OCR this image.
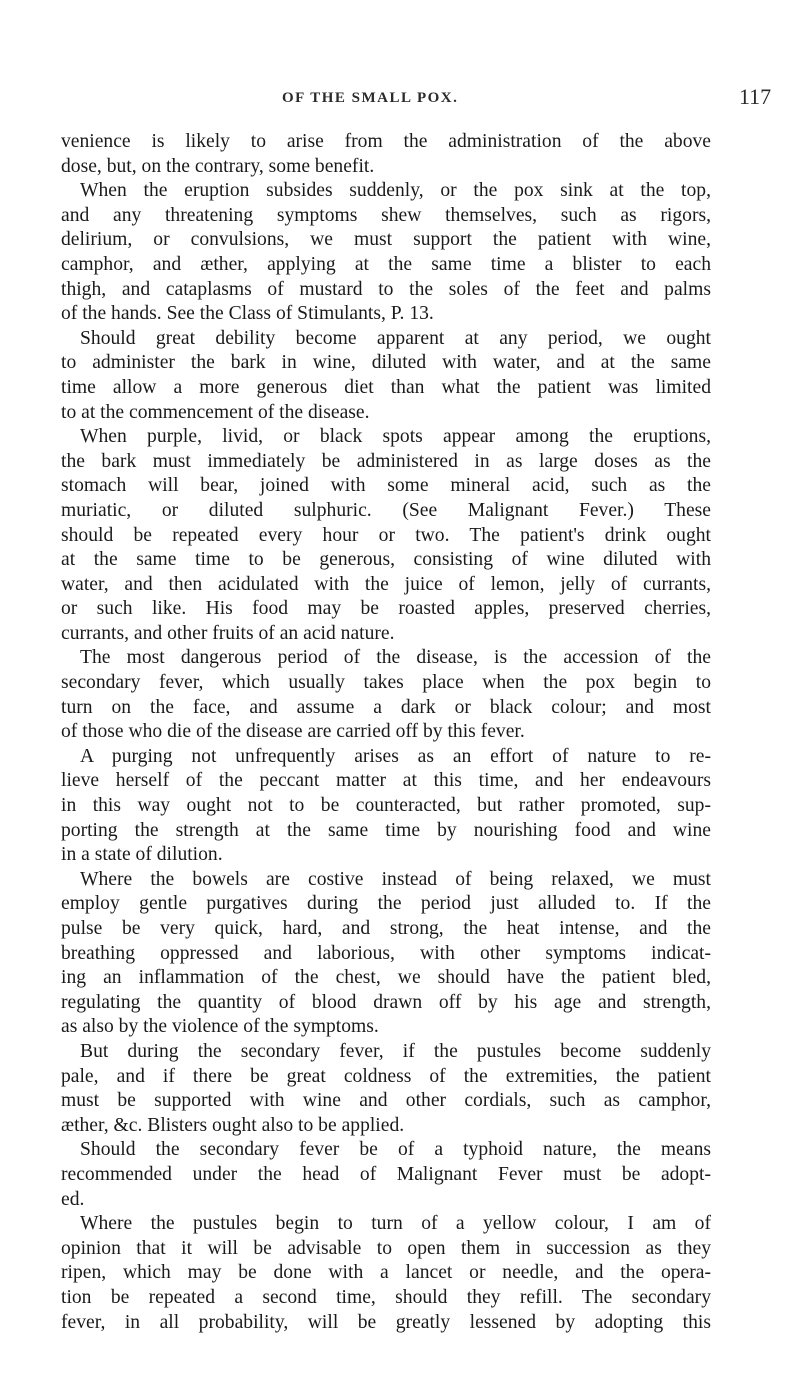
OF THE SMALL POX.	117
venience is likely to arise from the administration of the above
dose, but, on the contrary, some benefit.
When the eruption subsides suddenly, or the pox sink at the top,
and any threatening symptoms shew themselves, such as rigors,
delirium, or convulsions, we must support the patient with wine,
camphor, and æther, applying at the same time a blister to each
thigh, and cataplasms of mustard to the soles of the feet and palms
of the hands. See the Class of Stimulants, P. 13.
Should great debility become apparent at any period, we ought
to administer the bark in wine, diluted with water, and at the same
time allow a more generous diet than what the patient was limited
to at the commencement of the disease.
When purple, livid, or black spots appear among the eruptions,
the bark must immediately be administered in as large doses as the
stomach will bear, joined with some mineral acid, such as the
muriatic, or diluted sulphuric. (See Malignant Fever.) These
should be repeated every hour or two. The patient's drink ought
at the same time to be generous, consisting of wine diluted with
water, and then acidulated with the juice of lemon, jelly of currants,
or such like. His food may be roasted apples, preserved cherries,
currants, and other fruits of an acid nature.
The most dangerous period of the disease, is the accession of the
secondary fever, which usually takes place when the pox begin to
turn on the face, and assume a dark or black colour; and most
of those who die of the disease are carried off by this fever.
A purging not unfrequently arises as an effort of nature to re-
lieve herself of the peccant matter at this time, and her endeavours
in this way ought not to be counteracted, but rather promoted, sup-
porting the strength at the same time by nourishing food and wine
in a state of dilution.
Where the bowels are costive instead of being relaxed, we must
employ gentle purgatives during the period just alluded to. If the
pulse be very quick, hard, and strong, the heat intense, and the
breathing oppressed and laborious, with other symptoms indicat-
ing an inflammation of the chest, we should have the patient bled,
regulating the quantity of blood drawn off by his age and strength,
as also by the violence of the symptoms.
But during the secondary fever, if the pustules become suddenly
pale, and if there be great coldness of the extremities, the patient
must be supported with wine and other cordials, such as camphor,
æther, &c. Blisters ought also to be applied.
Should the secondary fever be of a typhoid nature, the means
recommended under the head of Malignant Fever must be adopt-
ed.
Where the pustules begin to turn of a yellow colour, I am of
opinion that it will be advisable to open them in succession as they
ripen, which may be done with a lancet or needle, and the opera-
tion be repeated a second time, should they refill. The secondary
fever, in all probability, will be greatly lessened by adopting this
